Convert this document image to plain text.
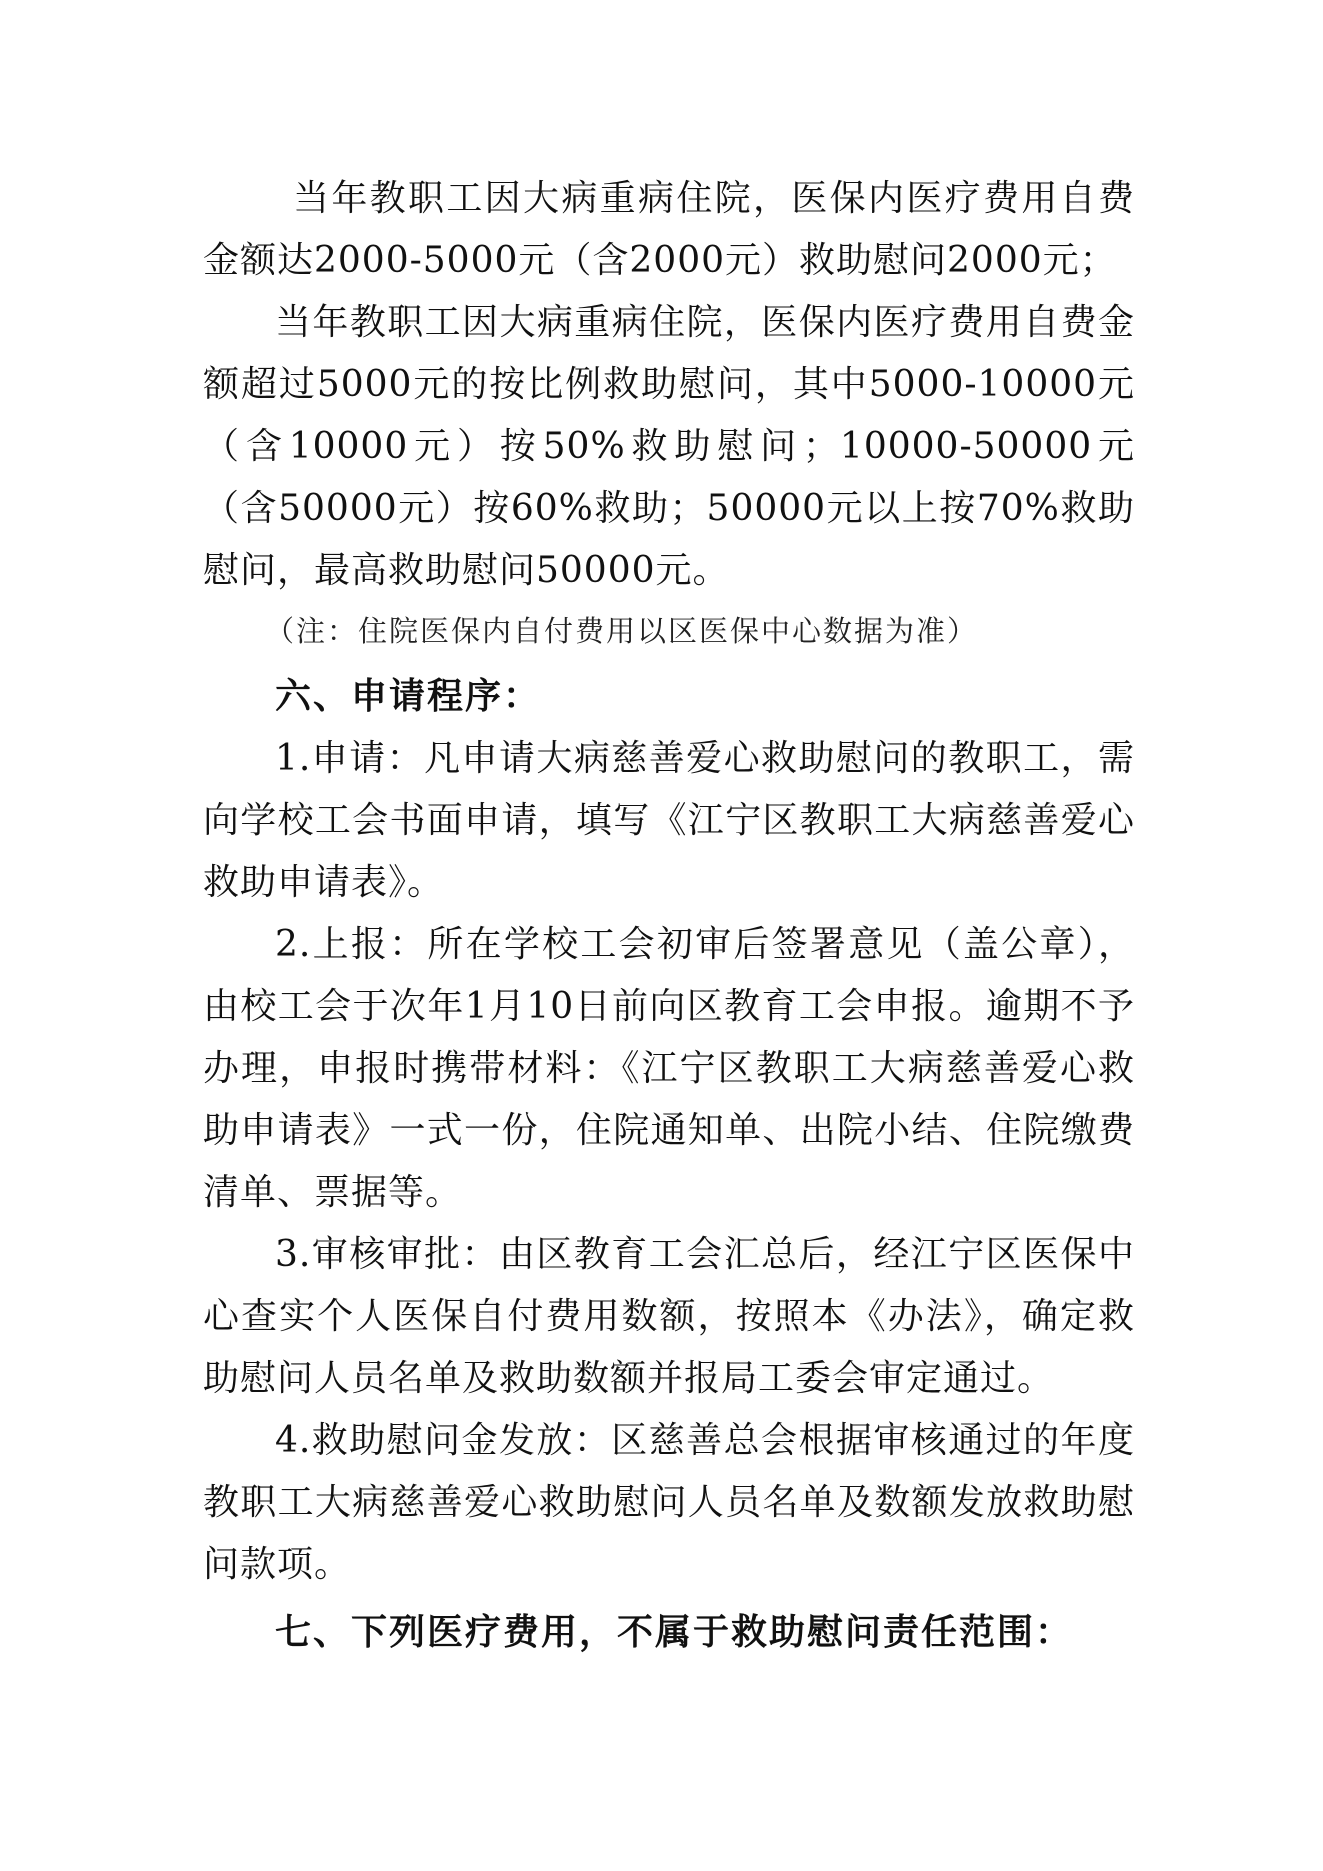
当年教职工因大病重病住院，医保内医疗费用自费金额达2000-5000元（含2000元）救助慰问2000元；

当年教职工因大病重病住院，医保内医疗费用自费金额超过5000元的按比例救助慰问，其中5000-10000元（含10000元）按50%救助慰问；10000-50000元（含50000元）按60%救助；50000元以上按70%救助慰问，最高救助慰问50000元。

（注：住院医保内自付费用以区医保中心数据为准）

六、申请程序：

1.申请：凡申请大病慈善爱心救助慰问的教职工，需向学校工会书面申请，填写《江宁区教职工大病慈善爱心救助申请表》。

2.上报：所在学校工会初审后签署意见（盖公章），由校工会于次年1月10日前向区教育工会申报。逾期不予办理，申报时携带材料：《江宁区教职工大病慈善爱心救助申请表》一式一份，住院通知单、出院小结、住院缴费清单、票据等。

3.审核审批：由区教育工会汇总后，经江宁区医保中心查实个人医保自付费用数额，按照本《办法》，确定救助慰问人员名单及救助数额并报局工委会审定通过。

4.救助慰问金发放：区慈善总会根据审核通过的年度教职工大病慈善爱心救助慰问人员名单及数额发放救助慰问款项。

七、下列医疗费用，不属于救助慰问责任范围：
